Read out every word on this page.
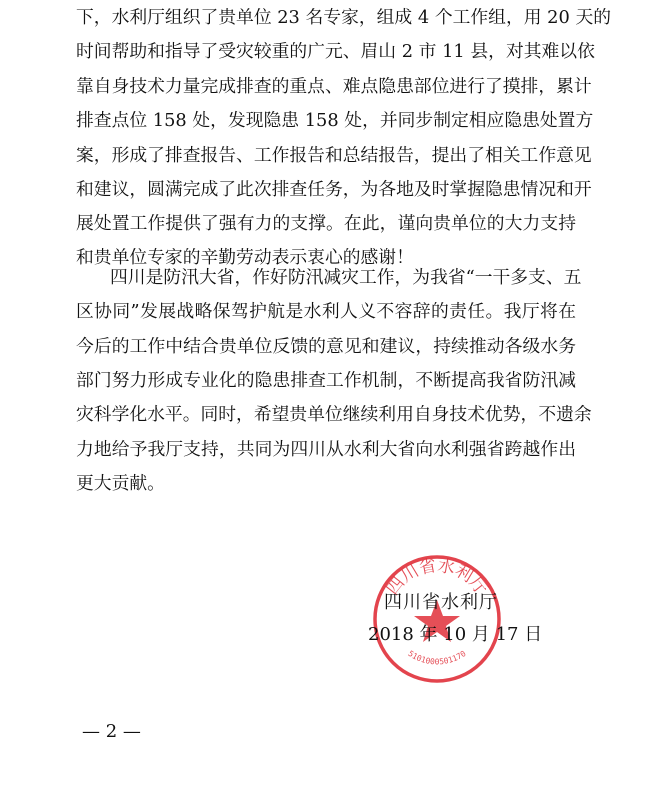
下，水利厅组织了贵单位 23 名专家，组成 4 个工作组，用 20 天的
时间帮助和指导了受灾较重的广元、眉山 2 市 11 县，对其难以依
靠自身技术力量完成排查的重点、难点隐患部位进行了摸排，累计
排查点位 158 处，发现隐患 158 处，并同步制定相应隐患处置方
案，形成了排查报告、工作报告和总结报告，提出了相关工作意见
和建议，圆满完成了此次排查任务，为各地及时掌握隐患情况和开
展处置工作提供了强有力的支撑。在此，谨向贵单位的大力支持
和贵单位专家的辛勤劳动表示衷心的感谢！
四川是防汛大省，作好防汛减灾工作，为我省“一干多支、五
区协同”发展战略保驾护航是水利人义不容辞的责任。我厅将在
今后的工作中结合贵单位反馈的意见和建议，持续推动各级水务
部门努力形成专业化的隐患排查工作机制，不断提高我省防汛减
灾科学化水平。同时，希望贵单位继续利用自身技术优势，不遗余
力地给予我厅支持，共同为四川从水利大省向水利强省跨越作出
更大贡献。
四川省水利厅
5101000501170
四川省水利厅
2018 年 10 月 17 日
— 2 —
